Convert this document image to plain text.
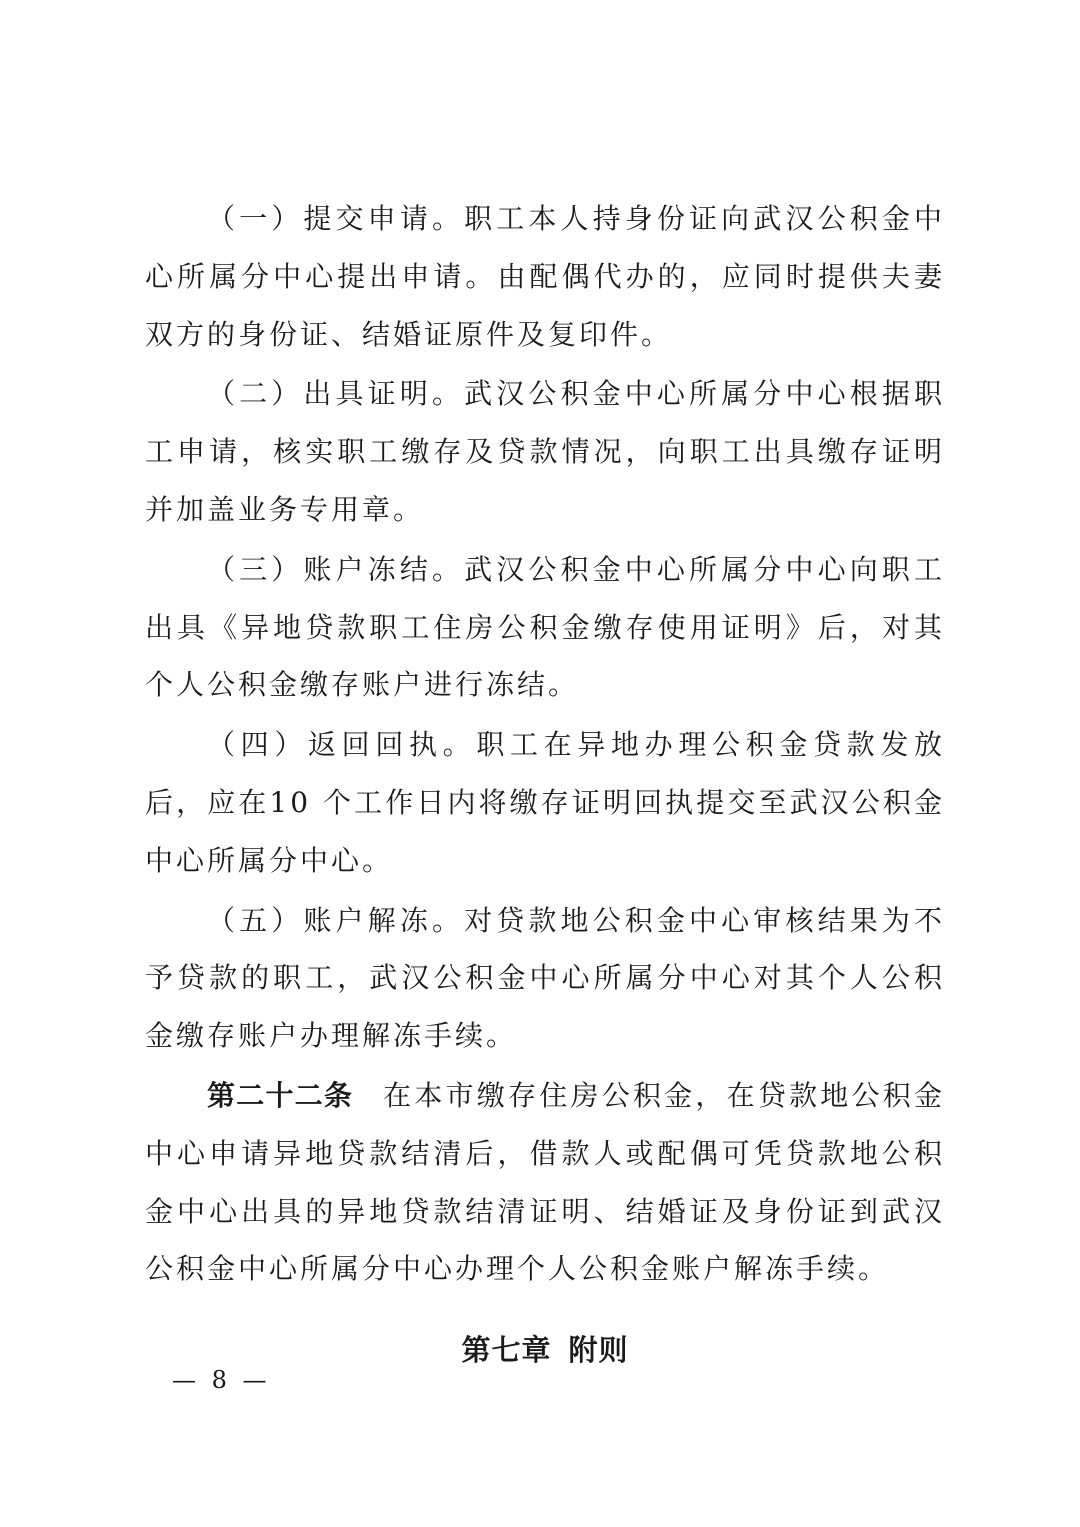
（一）提交申请。职工本人持身份证向武汉公积金中心所属分中心提出申请。由配偶代办的，应同时提供夫妻双方的身份证、结婚证原件及复印件。

（二）出具证明。武汉公积金中心所属分中心根据职工申请，核实职工缴存及贷款情况，向职工出具缴存证明并加盖业务专用章。

（三）账户冻结。武汉公积金中心所属分中心向职工出具《异地贷款职工住房公积金缴存使用证明》后，对其个人公积金缴存账户进行冻结。

（四）返回回执。职工在异地办理公积金贷款发放后，应在10 个工作日内将缴存证明回执提交至武汉公积金中心所属分中心。

（五）账户解冻。对贷款地公积金中心审核结果为不予贷款的职工，武汉公积金中心所属分中心对其个人公积金缴存账户办理解冻手续。

第二十二条 在本市缴存住房公积金，在贷款地公积金中心申请异地贷款结清后，借款人或配偶可凭贷款地公积金中心出具的异地贷款结清证明、结婚证及身份证到武汉公积金中心所属分中心办理个人公积金账户解冻手续。

第七章 附则
— 8 —
